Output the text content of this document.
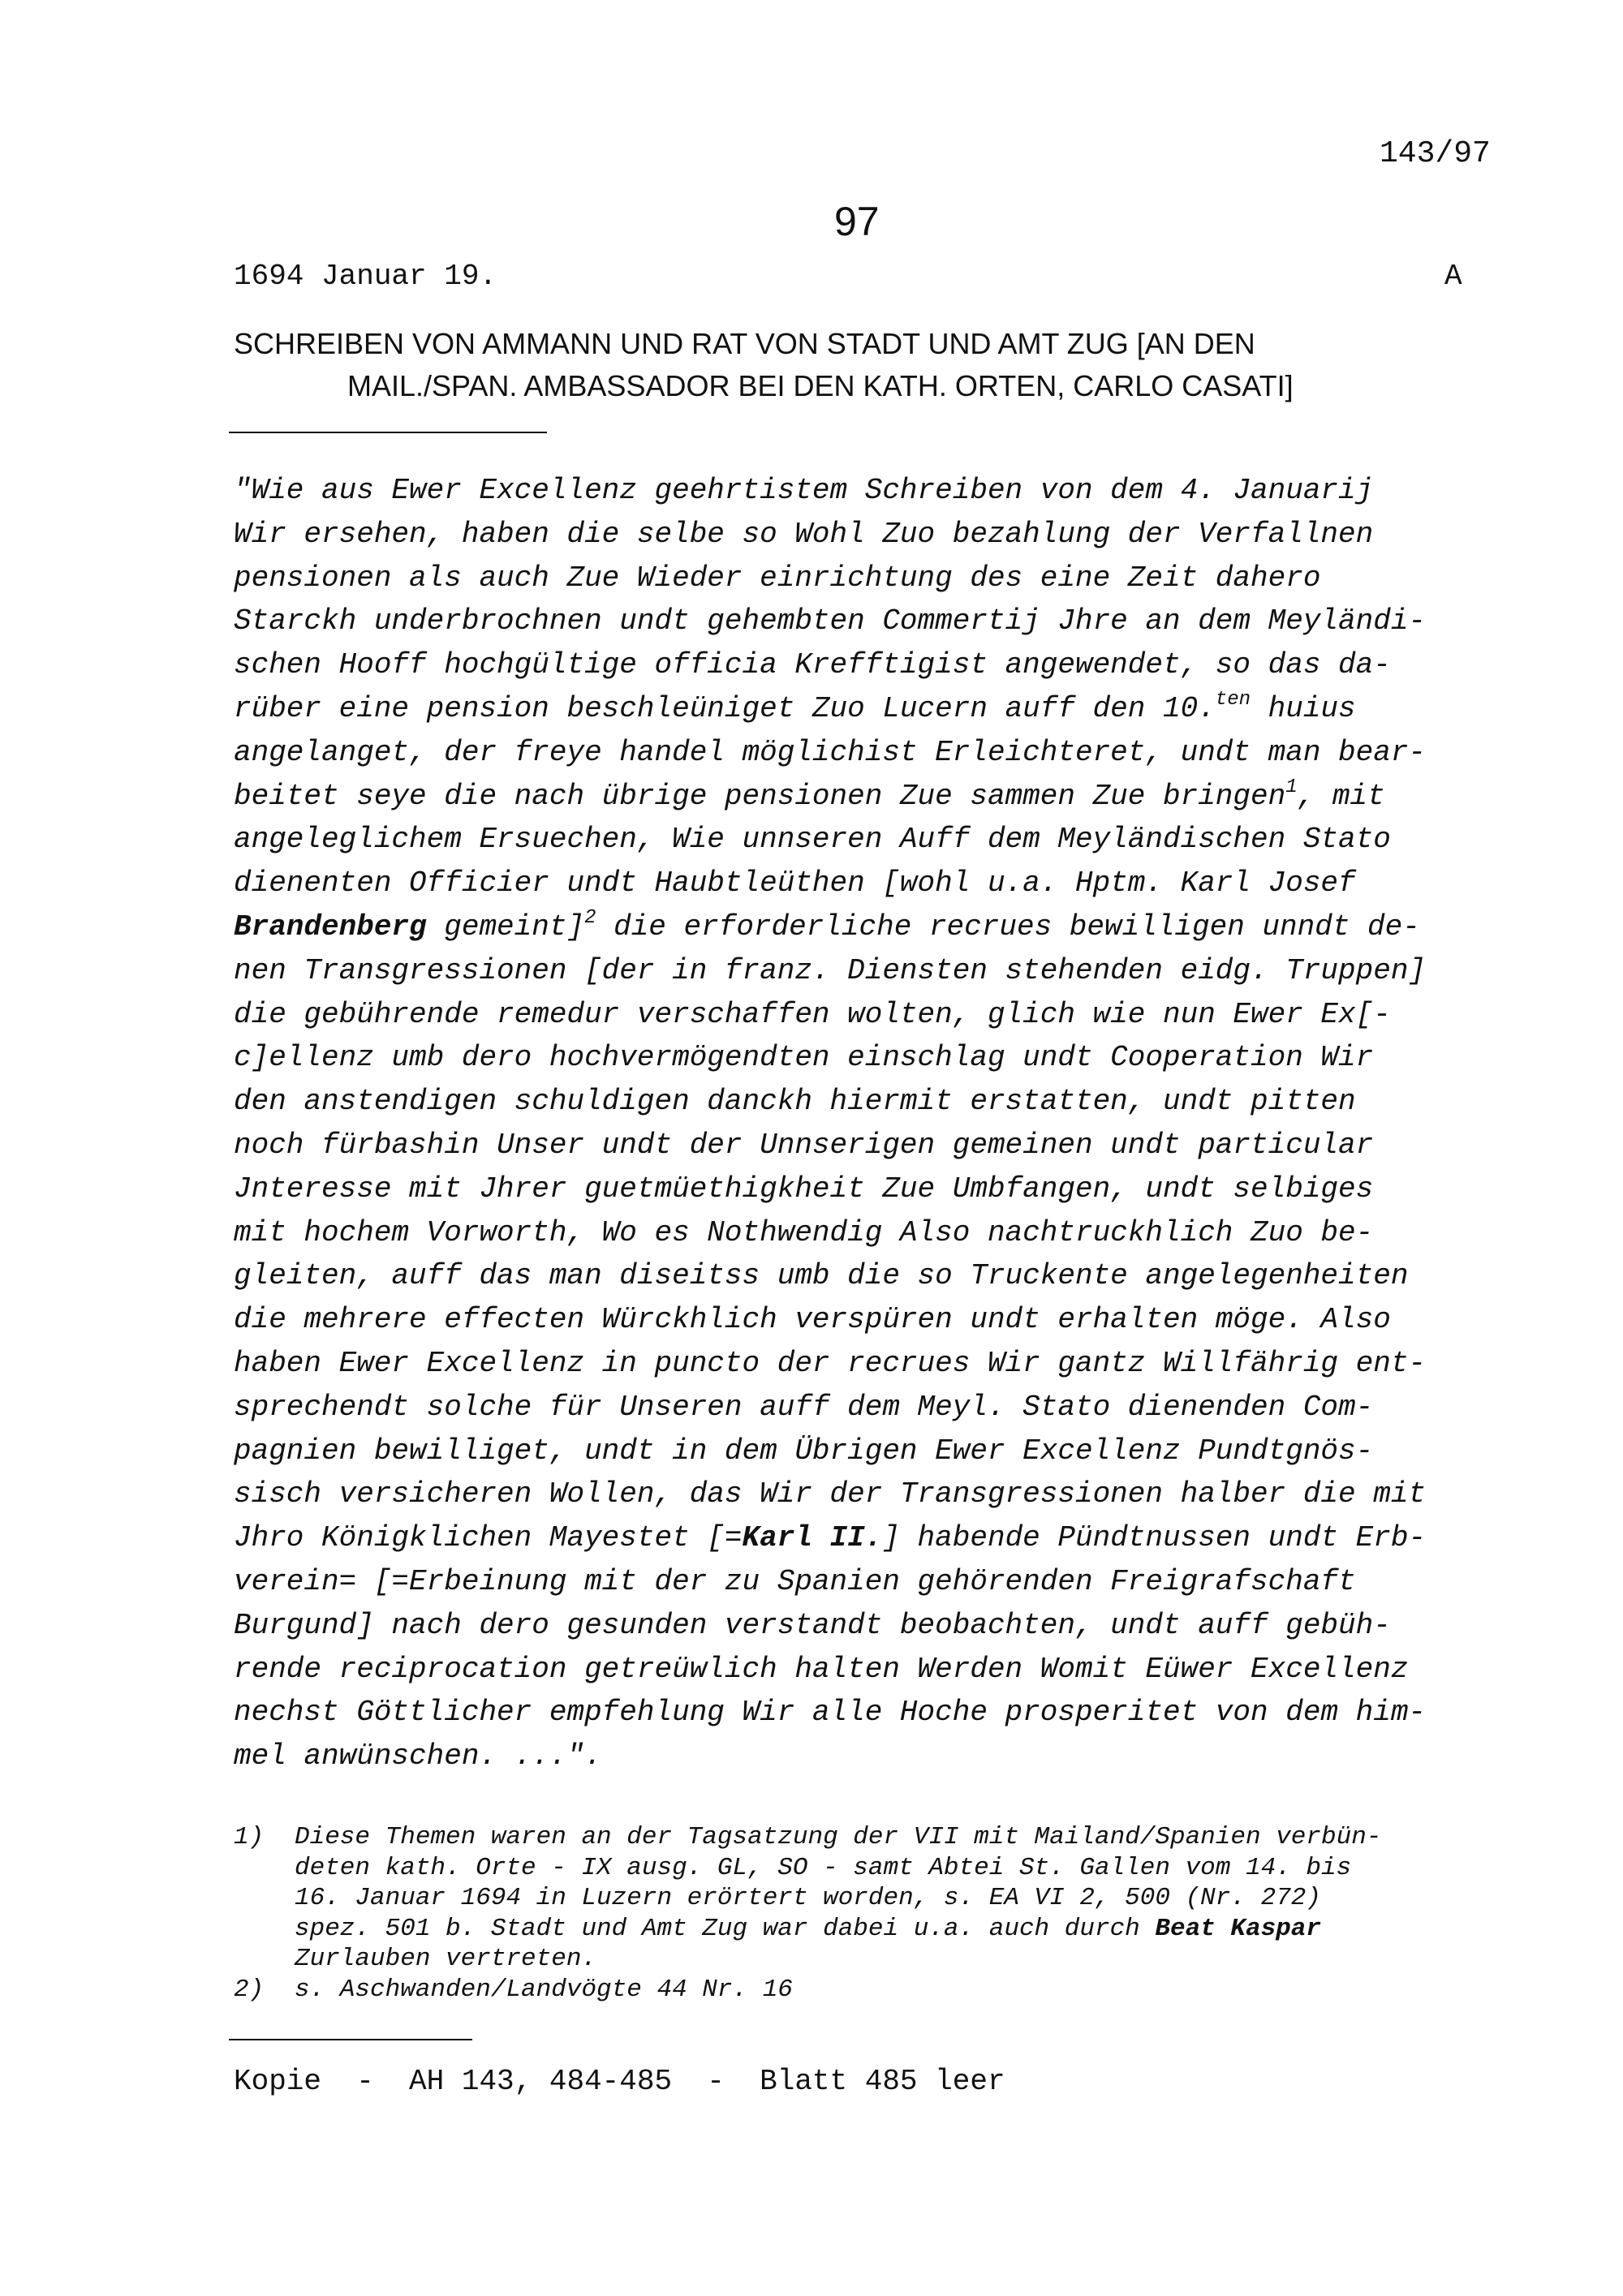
143/97
97
1694 Januar 19.	A
SCHREIBEN VON AMMANN UND RAT VON STADT UND AMT ZUG [AN DEN
MAIL./SPAN. AMBASSADOR BEI DEN KATH. ORTEN, CARLO CASATI]
"Wie aus Ewer Excellenz geehrtistem Schreiben von dem 4. Januarij
Wir ersehen, haben die selbe so Wohl Zuo bezahlung der Verfallnen
pensionen als auch Zue Wieder einrichtung des eine Zeit dahero
Starckh underbrochnen undt gehembten Commertij Jhre an dem Meyländi-
schen Hooff hochgültige officia Krefftigist angewendet, so das da-
rüber eine pension beschleüniget Zuo Lucern auff den 10.$^{ten}$ huius
angelanget, der freye handel möglichist Erleichteret, undt man bear-
beitet seye die nach übrige pensionen Zue sammen Zue bringen$^1$, mit
angeleglichem Ersuechen, Wie unnseren Auff dem Meyländischen Stato
dienenten Officier undt Haubtleüthen [wohl u.a. Hptm. Karl Josef
Brandenberg gemeint]$^2$ die erforderliche recrues bewilligen unndt de-
nen Transgressionen [der in franz. Diensten stehenden eidg. Truppen]
die gebührende remedur verschaffen wolten, glich wie nun Ewer Ex[-
c]ellenz umb dero hochvermögendten einschlag undt Cooperation Wir
den anstendigen schuldigen danckh hiermit erstatten, undt pitten
noch fürbashin Unser undt der Unnserigen gemeinen undt particular
Jnteresse mit Jhrer guetmüethigkheit Zue Umbfangen, undt selbiges
mit hochem Vorworth, Wo es Nothwendig Also nachtruckhlich Zuo be-
gleiten, auff das man diseitss umb die so Truckente angelegenheiten
die mehrere effecten Würckhlich verspüren undt erhalten möge. Also
haben Ewer Excellenz in puncto der recrues Wir gantz Willfährig ent-
sprechendt solche für Unseren auff dem Meyl. Stato dienenden Com-
pagnien bewilliget, undt in dem Übrigen Ewer Excellenz Pundtgnös-
sisch versicheren Wollen, das Wir der Transgressionen halber die mit
Jhro Königklichen Mayestet [=Karl II.] habende Pündtnussen undt Erb-
verein= [=Erbeinung mit der zu Spanien gehörenden Freigrafschaft
Burgund] nach dero gesunden verstandt beobachten, undt auff gebüh-
rende reciprocation getreüwlich halten Werden Womit Eüwer Excellenz
nechst Göttlicher empfehlung Wir alle Hoche prosperitet von dem him-
mel anwünschen. ...".
1) Diese Themen waren an der Tagsatzung der VII mit Mailand/Spanien verbün-
deten kath. Orte - IX ausg. GL, SO - samt Abtei St. Gallen vom 14. bis
16. Januar 1694 in Luzern erörtert worden, s. EA VI 2, 500 (Nr. 272)
spez. 501 b. Stadt und Amt Zug war dabei u.a. auch durch Beat Kaspar
Zurlauben vertreten.
2) s. Aschwanden/Landvögte 44 Nr. 16
Kopie  -  AH 143, 484-485  -  Blatt 485 leer
